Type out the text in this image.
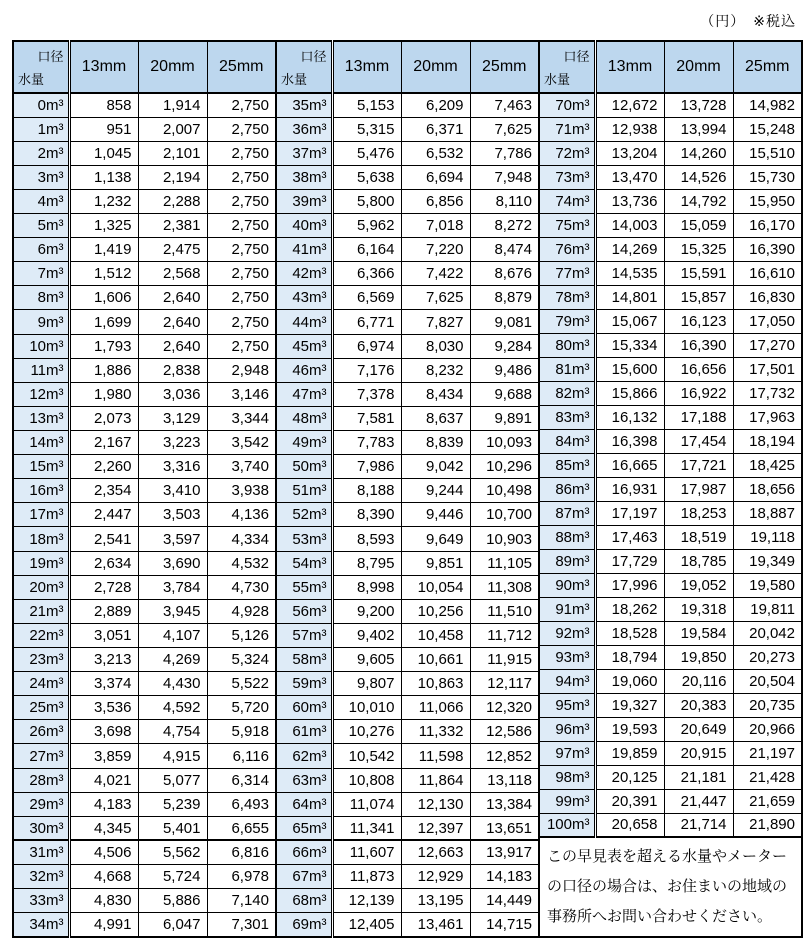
（円）　※税込
口径
水量	13mm	20mm	25mm
0m³	858	1,914	2,750
1m³	951	2,007	2,750
2m³	1,045	2,101	2,750
3m³	1,138	2,194	2,750
4m³	1,232	2,288	2,750
5m³	1,325	2,381	2,750
6m³	1,419	2,475	2,750
7m³	1,512	2,568	2,750
8m³	1,606	2,640	2,750
9m³	1,699	2,640	2,750
10m³	1,793	2,640	2,750
11m³	1,886	2,838	2,948
12m³	1,980	3,036	3,146
13m³	2,073	3,129	3,344
14m³	2,167	3,223	3,542
15m³	2,260	3,316	3,740
16m³	2,354	3,410	3,938
17m³	2,447	3,503	4,136
18m³	2,541	3,597	4,334
19m³	2,634	3,690	4,532
20m³	2,728	3,784	4,730
21m³	2,889	3,945	4,928
22m³	3,051	4,107	5,126
23m³	3,213	4,269	5,324
24m³	3,374	4,430	5,522
25m³	3,536	4,592	5,720
26m³	3,698	4,754	5,918
27m³	3,859	4,915	6,116
28m³	4,021	5,077	6,314
29m³	4,183	5,239	6,493
30m³	4,345	5,401	6,655
31m³	4,506	5,562	6,816
32m³	4,668	5,724	6,978
33m³	4,830	5,886	7,140
34m³	4,991	6,047	7,301
口径
水量	13mm	20mm	25mm
35m³	5,153	6,209	7,463
36m³	5,315	6,371	7,625
37m³	5,476	6,532	7,786
38m³	5,638	6,694	7,948
39m³	5,800	6,856	8,110
40m³	5,962	7,018	8,272
41m³	6,164	7,220	8,474
42m³	6,366	7,422	8,676
43m³	6,569	7,625	8,879
44m³	6,771	7,827	9,081
45m³	6,974	8,030	9,284
46m³	7,176	8,232	9,486
47m³	7,378	8,434	9,688
48m³	7,581	8,637	9,891
49m³	7,783	8,839	10,093
50m³	7,986	9,042	10,296
51m³	8,188	9,244	10,498
52m³	8,390	9,446	10,700
53m³	8,593	9,649	10,903
54m³	8,795	9,851	11,105
55m³	8,998	10,054	11,308
56m³	9,200	10,256	11,510
57m³	9,402	10,458	11,712
58m³	9,605	10,661	11,915
59m³	9,807	10,863	12,117
60m³	10,010	11,066	12,320
61m³	10,276	11,332	12,586
62m³	10,542	11,598	12,852
63m³	10,808	11,864	13,118
64m³	11,074	12,130	13,384
65m³	11,341	12,397	13,651
66m³	11,607	12,663	13,917
67m³	11,873	12,929	14,183
68m³	12,139	13,195	14,449
69m³	12,405	13,461	14,715
口径
水量	13mm	20mm	25mm
70m³	12,672	13,728	14,982
71m³	12,938	13,994	15,248
72m³	13,204	14,260	15,510
73m³	13,470	14,526	15,730
74m³	13,736	14,792	15,950
75m³	14,003	15,059	16,170
76m³	14,269	15,325	16,390
77m³	14,535	15,591	16,610
78m³	14,801	15,857	16,830
79m³	15,067	16,123	17,050
80m³	15,334	16,390	17,270
81m³	15,600	16,656	17,501
82m³	15,866	16,922	17,732
83m³	16,132	17,188	17,963
84m³	16,398	17,454	18,194
85m³	16,665	17,721	18,425
86m³	16,931	17,987	18,656
87m³	17,197	18,253	18,887
88m³	17,463	18,519	19,118
89m³	17,729	18,785	19,349
90m³	17,996	19,052	19,580
91m³	18,262	19,318	19,811
92m³	18,528	19,584	20,042
93m³	18,794	19,850	20,273
94m³	19,060	20,116	20,504
95m³	19,327	20,383	20,735
96m³	19,593	20,649	20,966
97m³	19,859	20,915	21,197
98m³	20,125	21,181	21,428
99m³	20,391	21,447	21,659
100m³	20,658	21,714	21,890
この早見表を超える水量やメーターの口径の場合は、お住まいの地域の事務所へお問い合わせください。			
